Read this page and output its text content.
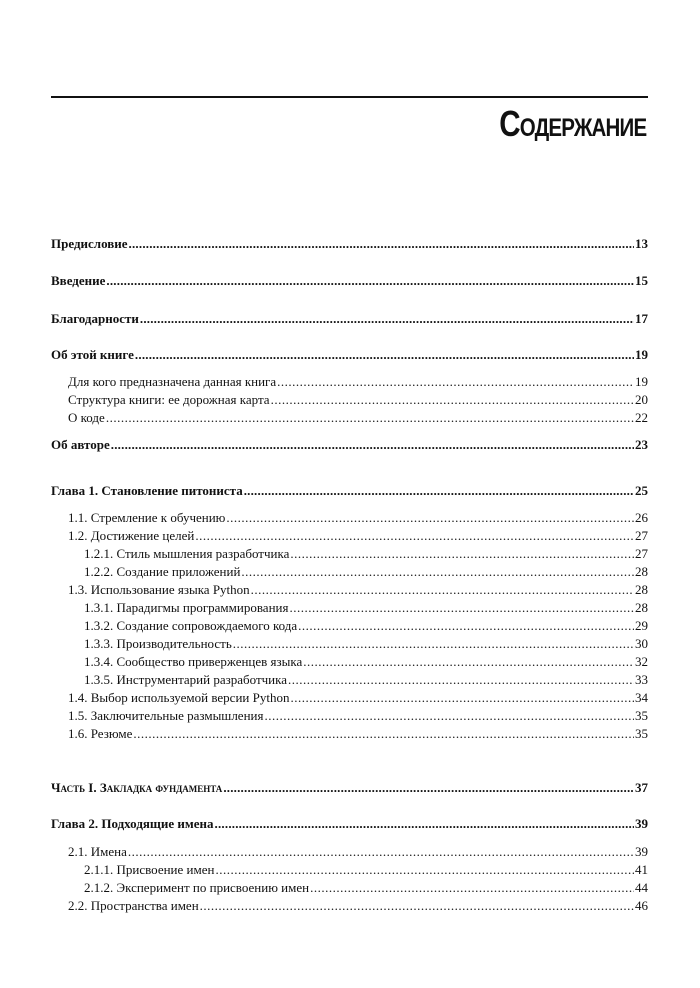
Содержание
Предисловие .....	13
Введение .....	15
Благодарности .....	17
Об этой книге .....	19
Для кого предназначена данная книга .....	19
Структура книги: ее дорожная карта .....	20
О коде .....	22
Об авторе .....	23
Глава 1. Становление питониста .....	25
1.1. Стремление к обучению .....	26
1.2. Достижение целей .....	27
1.2.1. Стиль мышления разработчика .....	27
1.2.2. Создание приложений .....	28
1.3. Использование языка Python .....	28
1.3.1. Парадигмы программирования .....	28
1.3.2. Создание сопровождаемого кода .....	29
1.3.3. Производительность .....	30
1.3.4. Сообщество приверженцев языка .....	32
1.3.5. Инструментарий разработчика .....	33
1.4. Выбор используемой версии Python .....	34
1.5. Заключительные размышления .....	35
1.6. Резюме .....	35
Часть I. Закладка фундамента .....	37
Глава 2. Подходящие имена .....	39
2.1. Имена .....	39
2.1.1. Присвоение имен .....	41
2.1.2. Эксперимент по присвоению имен .....	44
2.2. Пространства имен .....	46
